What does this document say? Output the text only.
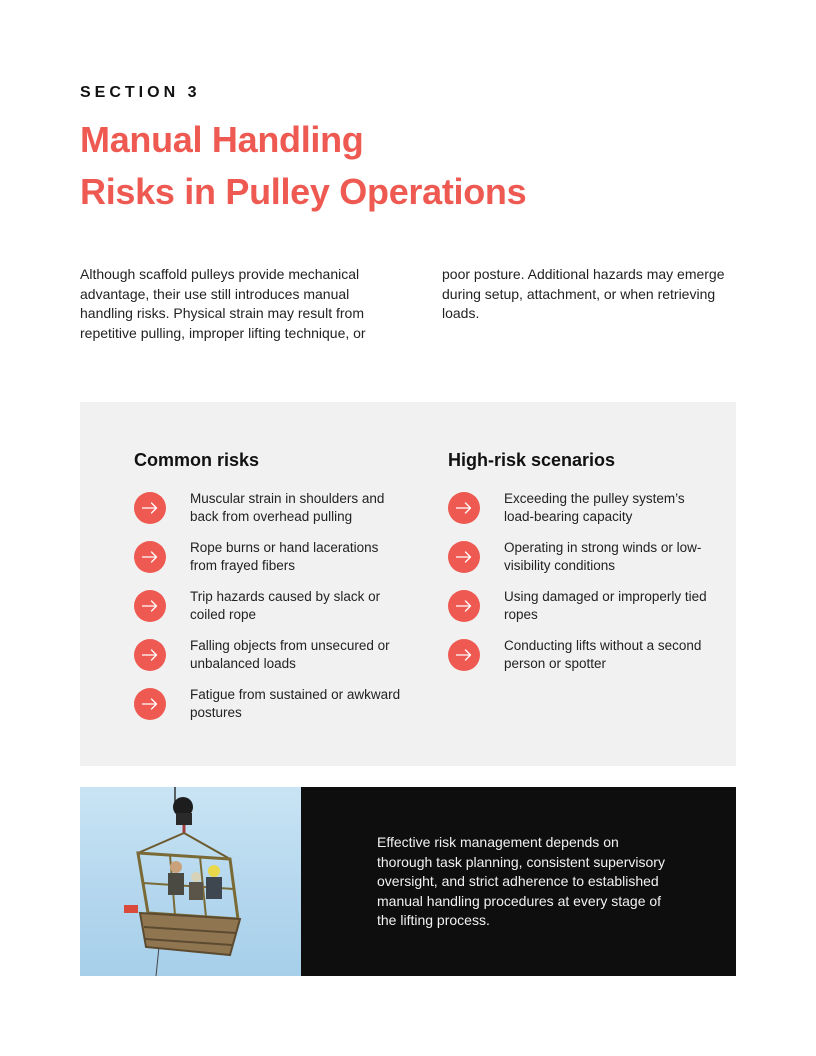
SECTION 3
Manual Handling
Risks in Pulley Operations

Although scaffold pulleys provide mechanical advantage, their use still introduces manual handling risks. Physical strain may result from repetitive pulling, improper lifting technique, or poor posture. Additional hazards may emerge during setup, attachment, or when retrieving loads.

Common risks
Muscular strain in shoulders and back from overhead pulling
Rope burns or hand lacerations from frayed fibers
Trip hazards caused by slack or coiled rope
Falling objects from unsecured or unbalanced loads
Fatigue from sustained or awkward postures
High-risk scenarios
Exceeding the pulley system’s load-bearing capacity
Operating in strong winds or low-visibility conditions
Using damaged or improperly tied ropes
Conducting lifts without a second person or spotter

Effective risk management depends on thorough task planning, consistent supervisory oversight, and strict adherence to established manual handling procedures at every stage of the lifting process.
